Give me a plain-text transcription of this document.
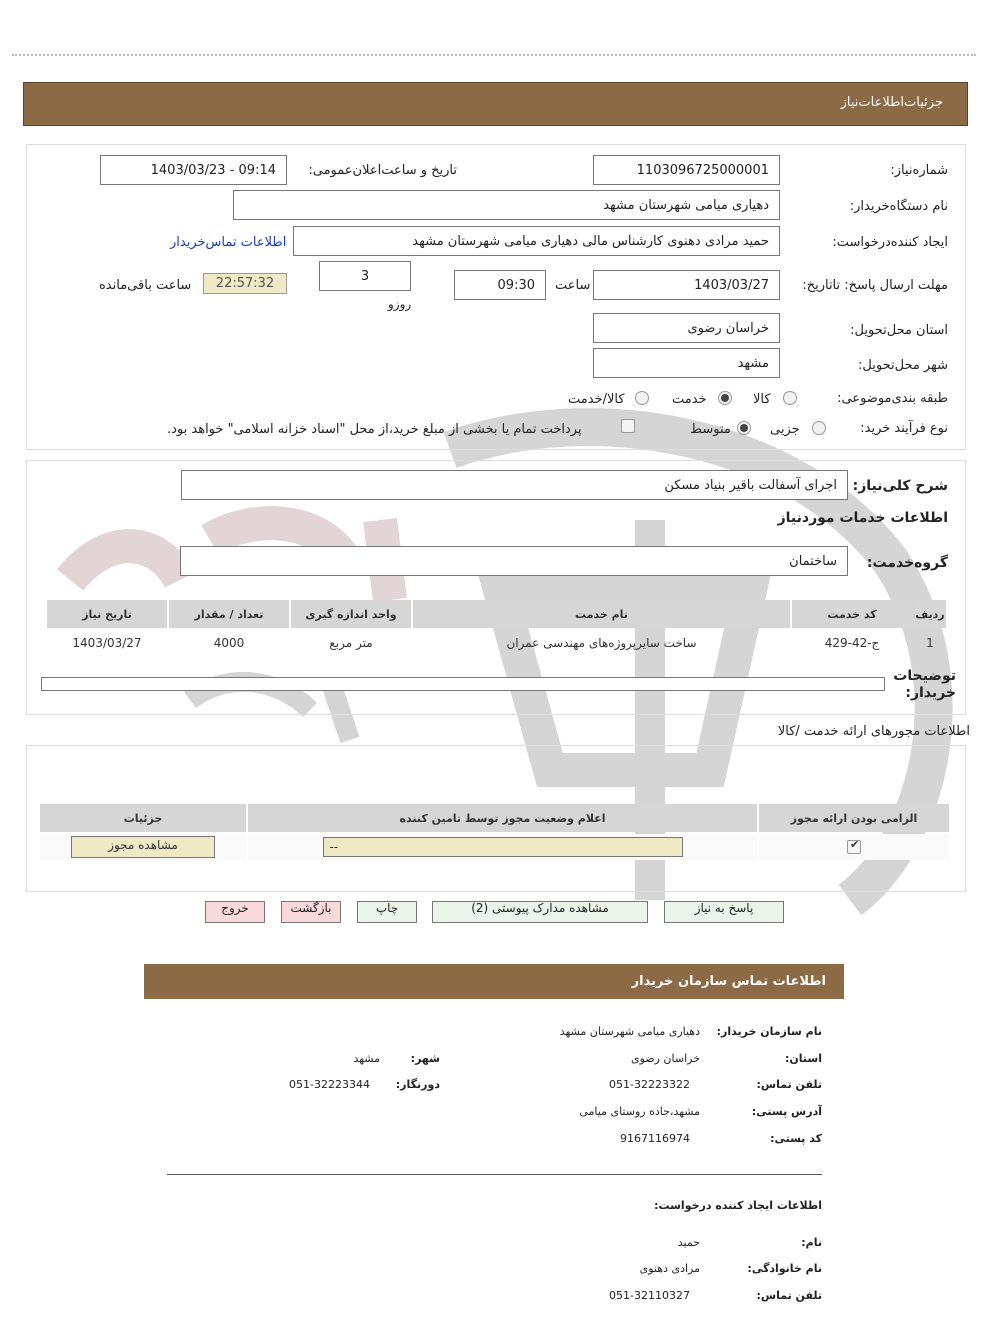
جزئیات‌اطلاعات‌نیاز
شماره‌نیاز:
1103096725000001
تاریخ و ساعت‌اعلان‌عمومی:
1403/03/23 - 09:14
نام دستگاه‌خریدار:
دهیاری میامی شهرستان مشهد
ایجاد کننده‌درخواست:
حمید مرادی دهنوی کارشناس مالی دهیاری میامی شهرستان مشهد
اطلاعات تماس‌خریدار
مهلت ارسال پاسخ: تاتاریخ:
1403/03/27
ساعت
09:30
3
روزو
22:57:32
ساعت باقی‌مانده
استان محل‌تحویل:
خراسان رضوی
شهر محل‌تحویل:
مشهد
طبقه بندی‌موضوعی:
کالا
خدمت
کالا/خدمت
نوع فرآیند خرید:
جزیی
متوسط
پرداخت تمام یا بخشی از مبلغ خرید،از محل "اسناد خزانه اسلامی" خواهد بود.
شرح کلی‌نیاز:
اجرای آسفالت باقیر بنیاد مسکن
اطلاعات خدمات مورد‌نیاز
گروه‌خدمت:
ساختمان
ردیف	کد خدمت	نام خدمت	واحد اندازه گیری	تعداد / مقدار	تاریخ نیاز
1	ج-42-429	ساخت سایرپروژه‌های مهندسی عمران	متر مربع	4000	1403/03/27
توضیحات خریدار:
اطلاعات مجورهای ارائه خدمت /کالا
الزامی بودن ارائه مجوز	اعلام وضعیت مجوز توسط تامین کننده	جزئیات

✔	--	مشاهده مجوز
پاسخ به نیاز
مشاهده مدارک پیوستی (2)
چاپ
بازگشت
خروج
اطلاعات تماس سازمان خریدار
نام سازمان خریدار:
دهیاری میامی شهرستان مشهد
استان:
خراسان رضوی
شهر:
مشهد
تلفن تماس:
051-32223322
دورنگار:
051-32223344
آدرس پستی:
مشهد،جاده روستای میامی
کد پستی:
9167116974
اطلاعات ایجاد کننده درخواست:
نام:
حمید
نام خانوادگی:
مرادی دهنوی
تلفن تماس:
051-32110327
